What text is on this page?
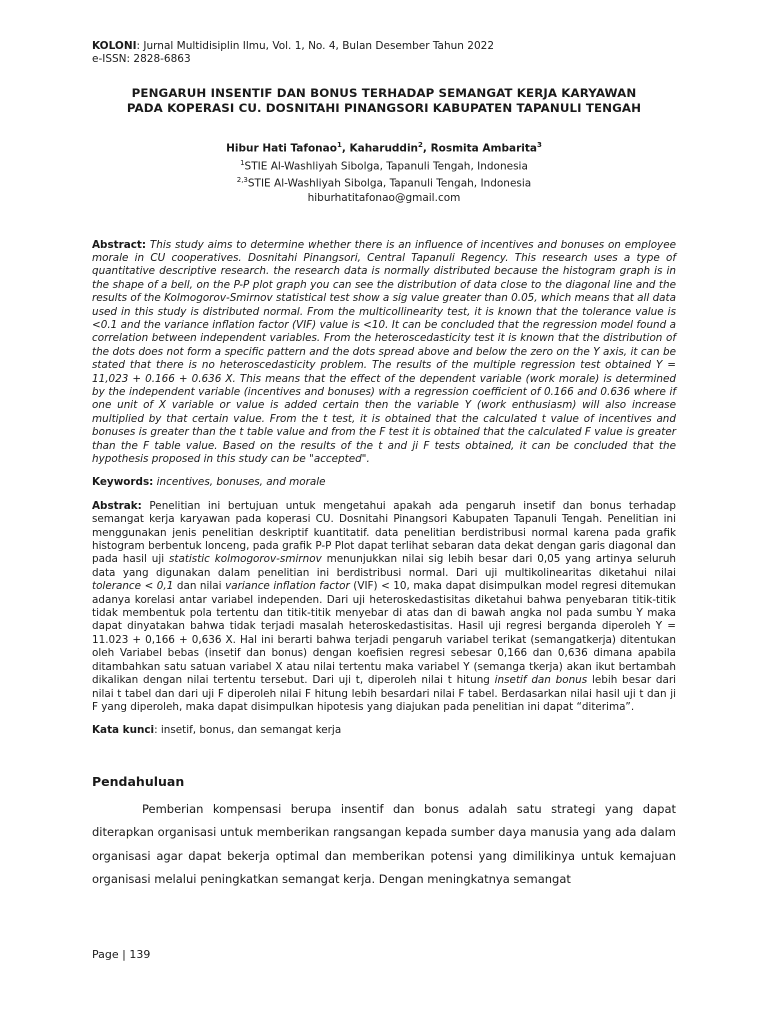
KOLONI: Jurnal Multidisiplin Ilmu, Vol. 1, No. 4, Bulan Desember Tahun 2022
e-ISSN: 2828-6863
PENGARUH INSENTIF DAN BONUS TERHADAP SEMANGAT KERJA KARYAWAN
PADA KOPERASI CU. DOSNITAHI PINANGSORI KABUPATEN TAPANULI TENGAH
Hibur Hati Tafonao$^1$, Kaharuddin$^2$, Rosmita Ambarita$^3$
$^1$STIE Al-Washliyah Sibolga, Tapanuli Tengah, Indonesia
$^{2,3}$STIE Al-Washliyah Sibolga, Tapanuli Tengah, Indonesia
hiburhatitafonao@gmail.com
Abstract: This study aims to determine whether there is an influence of incentives and bonuses on employee morale in CU cooperatives. Dosnitahi Pinangsori, Central Tapanuli Regency. This research uses a type of quantitative descriptive research. the research data is normally distributed because the histogram graph is in the shape of a bell, on the P-P plot graph you can see the distribution of data close to the diagonal line and the results of the Kolmogorov-Smirnov statistical test show a sig value greater than 0.05, which means that all data used in this study is distributed normal. From the multicollinearity test, it is known that the tolerance value is <0.1 and the variance inflation factor (VIF) value is <10. It can be concluded that the regression model found a correlation between independent variables. From the heteroscedasticity test it is known that the distribution of the dots does not form a specific pattern and the dots spread above and below the zero on the Y axis, it can be stated that there is no heteroscedasticity problem. The results of the multiple regression test obtained Y = 11,023 + 0.166 + 0.636 X. This means that the effect of the dependent variable (work morale) is determined by the independent variable (incentives and bonuses) with a regression coefficient of 0.166 and 0.636 where if one unit of X variable or value is added certain then the variable Y (work enthusiasm) will also increase multiplied by that certain value. From the t test, it is obtained that the calculated t value of incentives and bonuses is greater than the t table value and from the F test it is obtained that the calculated F value is greater than the F table value. Based on the results of the t and ji F tests obtained, it can be concluded that the hypothesis proposed in this study can be "accepted".
Keywords: incentives, bonuses, and morale
Abstrak: Penelitian ini bertujuan untuk mengetahui apakah ada pengaruh insetif dan bonus terhadap semangat kerja karyawan pada koperasi CU. Dosnitahi Pinangsori Kabupaten Tapanuli Tengah. Penelitian ini menggunakan jenis penelitian deskriptif kuantitatif. data penelitian berdistribusi normal karena pada grafik histogram berbentuk lonceng, pada grafik P-P Plot dapat terlihat sebaran data dekat dengan garis diagonal dan pada hasil uji statistic kolmogorov-smirnov menunjukkan nilai sig lebih besar dari 0,05 yang artinya seluruh data yang digunakan dalam penelitian ini berdistribusi normal. Dari uji multikolinearitas diketahui nilai tolerance < 0,1 dan nilai variance inflation factor (VIF) < 10, maka dapat disimpulkan model regresi ditemukan adanya korelasi antar variabel independen. Dari uji heteroskedastisitas diketahui bahwa penyebaran titik-titik tidak membentuk pola tertentu dan titik-titik menyebar di atas dan di bawah angka nol pada sumbu Y maka dapat dinyatakan bahwa tidak terjadi masalah heteroskedastisitas. Hasil uji regresi berganda diperoleh Y = 11.023 + 0,166 + 0,636 X. Hal ini berarti bahwa terjadi pengaruh variabel terikat (semangatkerja) ditentukan oleh Variabel bebas (insetif dan bonus) dengan koefisien regresi sebesar 0,166 dan 0,636 dimana apabila ditambahkan satu satuan variabel X atau nilai tertentu maka variabel Y (semanga tkerja) akan ikut bertambah dikalikan dengan nilai tertentu tersebut. Dari uji t, diperoleh nilai t hitung insetif dan bonus lebih besar dari nilai t tabel dan dari uji F diperoleh nilai F hitung lebih besardari nilai F tabel. Berdasarkan nilai hasil uji t dan ji F yang diperoleh, maka dapat disimpulkan hipotesis yang diajukan pada penelitian ini dapat “diterima”.
Kata kunci: insetif, bonus, dan semangat kerja
Pendahuluan
Pemberian kompensasi berupa insentif dan bonus adalah satu strategi yang dapat diterapkan organisasi untuk memberikan rangsangan kepada sumber daya manusia yang ada dalam organisasi agar dapat bekerja optimal dan memberikan potensi yang dimilikinya untuk kemajuan organisasi melalui peningkatkan semangat kerja. Dengan meningkatnya semangat
Page | 139
